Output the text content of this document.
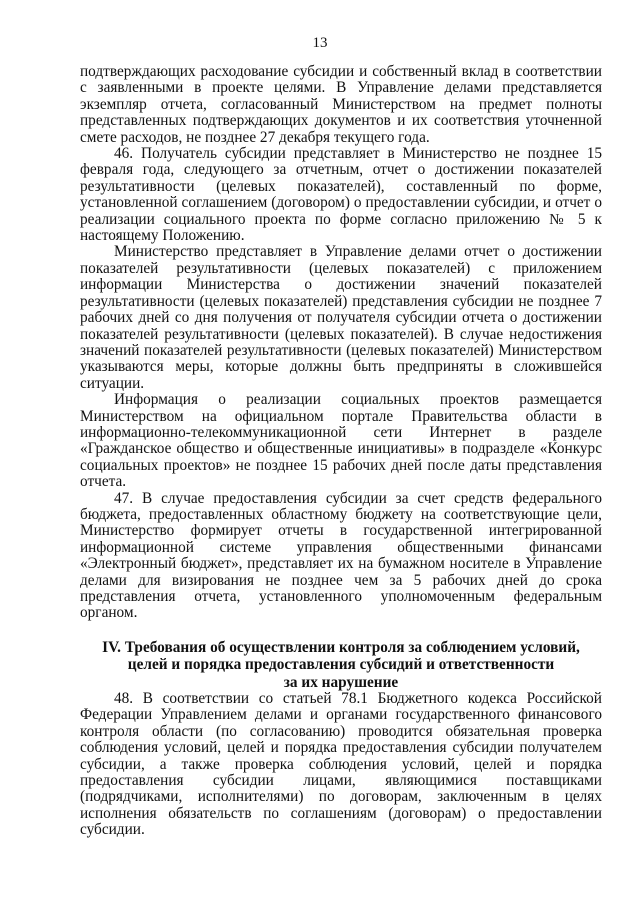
13

подтверждающих расходование субсидии и собственный вклад в соответствии с заявленными в проекте целями. В Управление делами представляется экземпляр отчета, согласованный Министерством на предмет полноты представленных подтверждающих документов и их соответствия уточненной смете расходов, не позднее 27 декабря текущего года.

46. Получатель субсидии представляет в Министерство не позднее 15 февраля года, следующего за отчетным, отчет о достижении показателей результативности (целевых показателей), составленный по форме, установленной соглашением (договором) о предоставлении субсидии, и отчет о реализации социального проекта по форме согласно приложению № 5 к настоящему Положению.

Министерство представляет в Управление делами отчет о достижении показателей результативности (целевых показателей) с приложением информации Министерства о достижении значений показателей результативности (целевых показателей) представления субсидии не позднее 7 рабочих дней со дня получения от получателя субсидии отчета о достижении показателей результативности (целевых показателей). В случае недостижения значений показателей результативности (целевых показателей) Министерством указываются меры, которые должны быть предприняты в сложившейся ситуации.

Информация о реализации социальных проектов размещается Министерством на официальном портале Правительства области в информационно-телекоммуникационной сети Интернет в разделе «Гражданское общество и общественные инициативы» в подразделе «Конкурс социальных проектов» не позднее 15 рабочих дней после даты представления отчета.

47. В случае предоставления субсидии за счет средств федерального бюджета, предоставленных областному бюджету на соответствующие цели, Министерство формирует отчеты в государственной интегрированной информационной системе управления общественными финансами «Электронный бюджет», представляет их на бумажном носителе в Управление делами для визирования не позднее чем за 5 рабочих дней до срока представления отчета, установленного уполномоченным федеральным органом.

IV. Требования об осуществлении контроля за соблюдением условий,
целей и порядка предоставления субсидий и ответственности
за их нарушение

48. В соответствии со статьей 78.1 Бюджетного кодекса Российской Федерации Управлением делами и органами государственного финансового контроля области (по согласованию) проводится обязательная проверка соблюдения условий, целей и порядка предоставления субсидии получателем субсидии, а также проверка соблюдения условий, целей и порядка предоставления субсидии лицами, являющимися поставщиками (подрядчиками, исполнителями) по договорам, заключенным в целях исполнения обязательств по соглашениям (договорам) о предоставлении субсидии.
